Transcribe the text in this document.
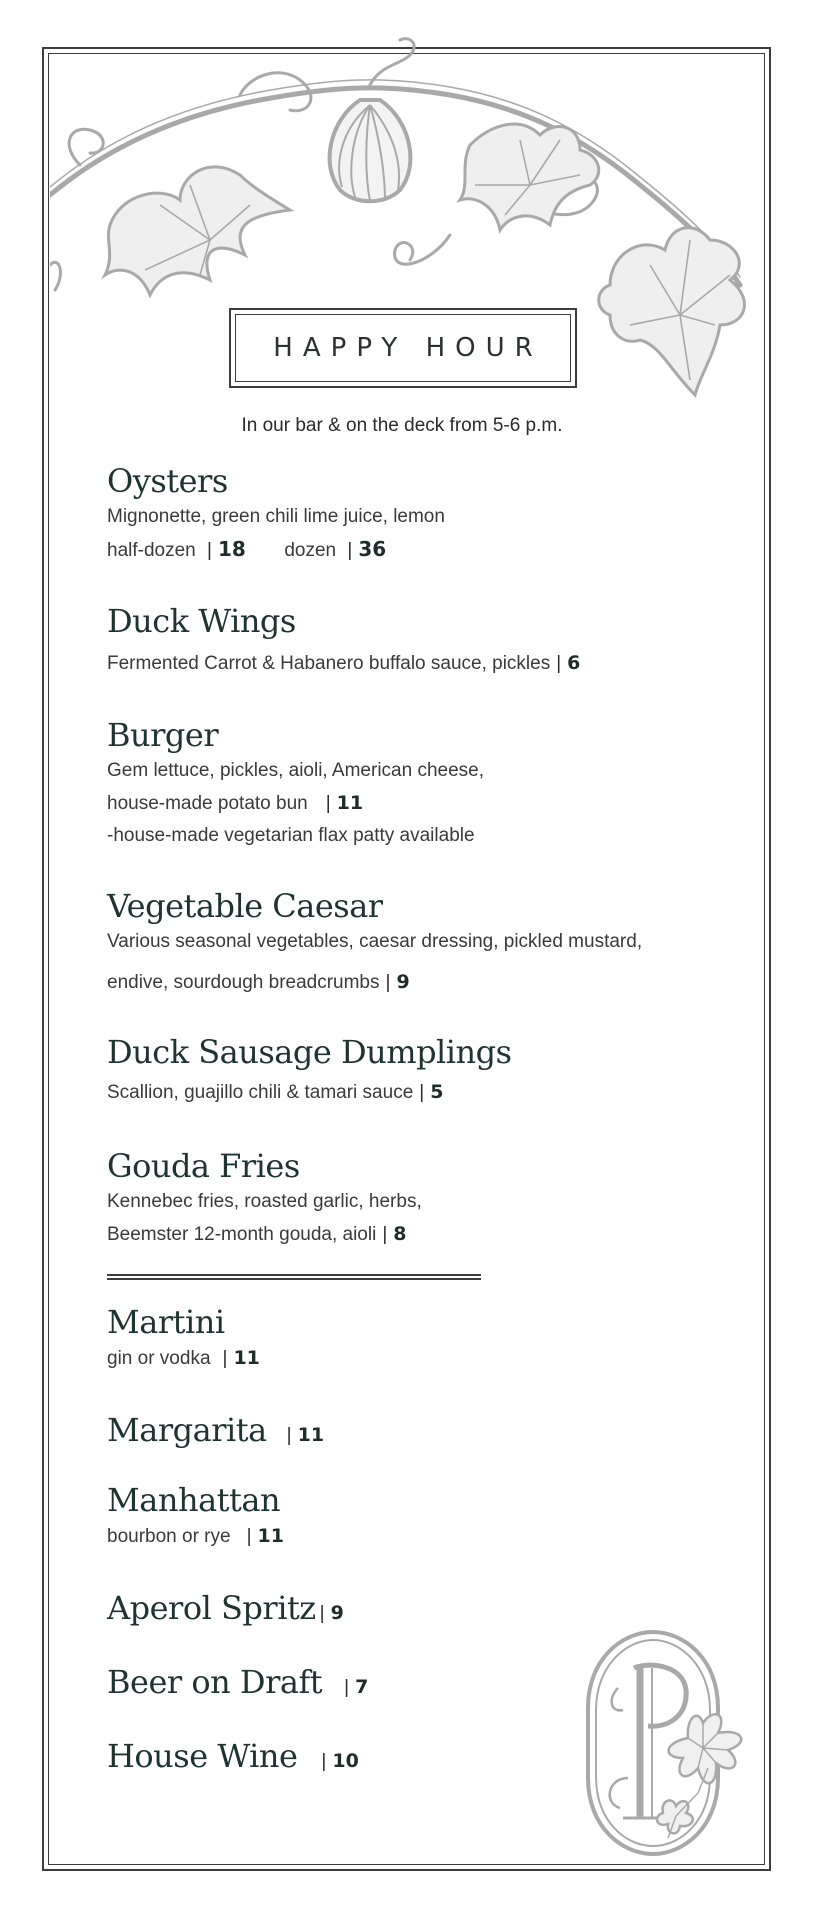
HAPPY HOUR
In our bar & on the deck from 5-6 p.m.
Oysters
Mignonette, green chili lime juice, lemon
half-dozen | 18 dozen | 36
Duck Wings
Fermented Carrot & Habanero buffalo sauce, pickles | 6
Burger
Gem lettuce, pickles, aioli, American cheese,
house-made potato bun | 11
-house-made vegetarian flax patty available
Vegetable Caesar
Various seasonal vegetables, caesar dressing, pickled mustard,
endive, sourdough breadcrumbs | 9
Duck Sausage Dumplings
Scallion, guajillo chili & tamari sauce | 5
Gouda Fries
Kennebec fries, roasted garlic, herbs,
Beemster 12-month gouda, aioli | 8
Martini
gin or vodka | 11
Margarita	| 11
Manhattan
bourbon or rye | 11
Aperol Spritz | 9
Beer on Draft	| 7
House Wine	| 10
